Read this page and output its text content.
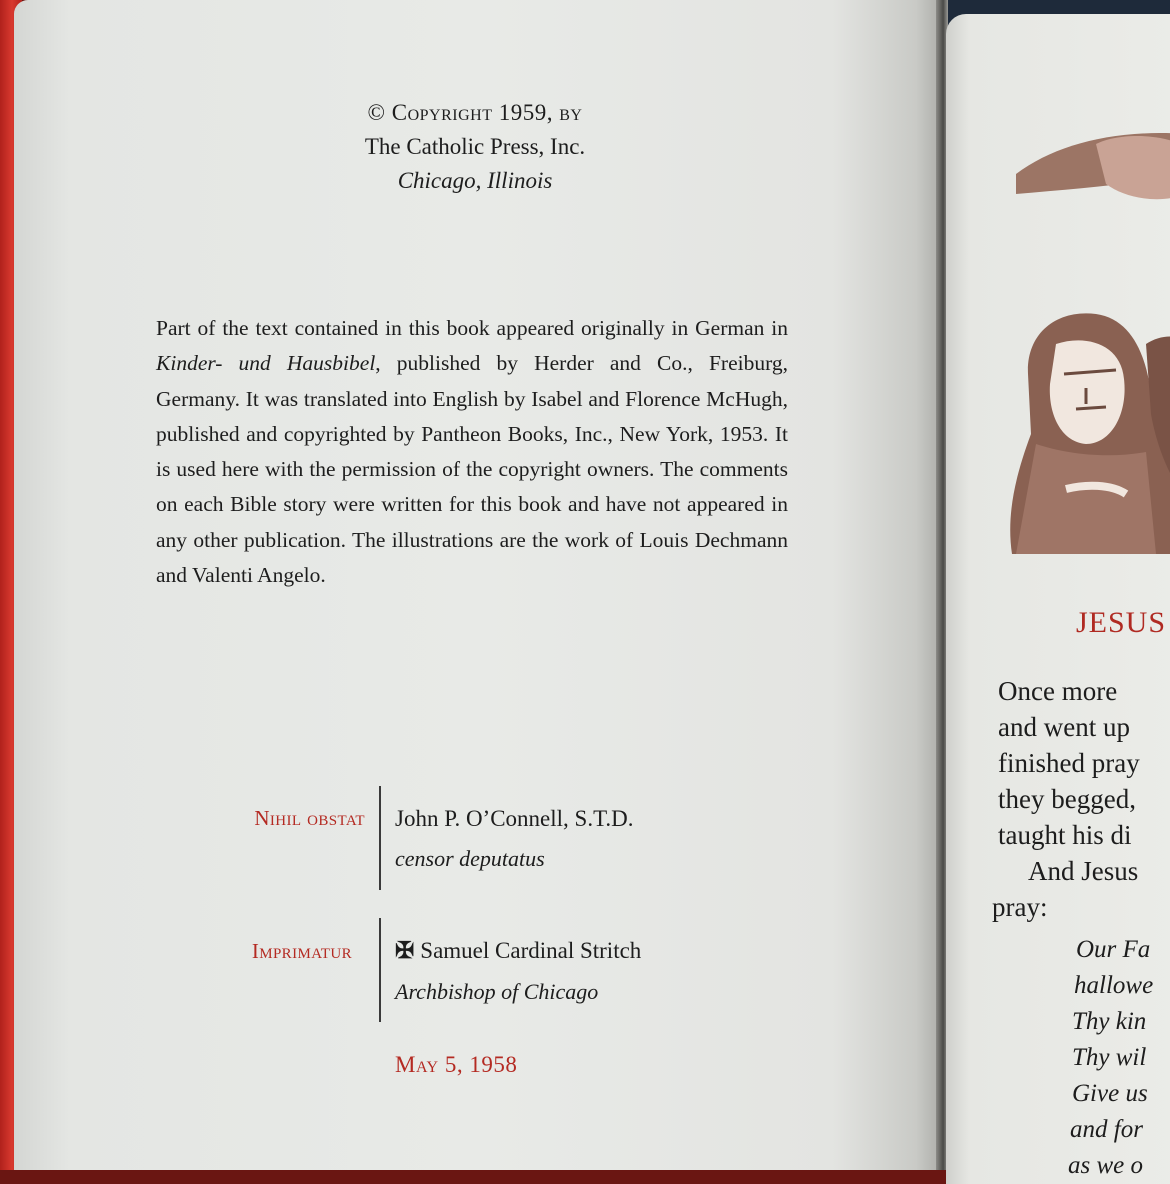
© Copyright 1959, by
The Catholic Press, Inc.
Chicago, Illinois
Part of the text contained in this book appeared originally in German in Kinder- und Hausbibel, published by Herder and Co., Freiburg, Germany. It was translated into English by Isabel and Florence McHugh, published and copyrighted by Pantheon Books, Inc., New York, 1953. It is used here with the permission of the copyright owners. The comments on each Bible story were written for this book and have not appeared in any other publication. The illustrations are the work of Louis Dechmann and Valenti Angelo.
Nihil obstat John P. O’Connell, S.T.D.
censor deputatus
Imprimatur ✠ Samuel Cardinal Stritch
Archbishop of Chicago
May 5, 1958
JESUS
Once more
and went up
finished pray
they begged,
taught his di
And Jesus
pray:
Our Fa
hallowe
Thy kin
Thy wil
Give us
and for
as we o
